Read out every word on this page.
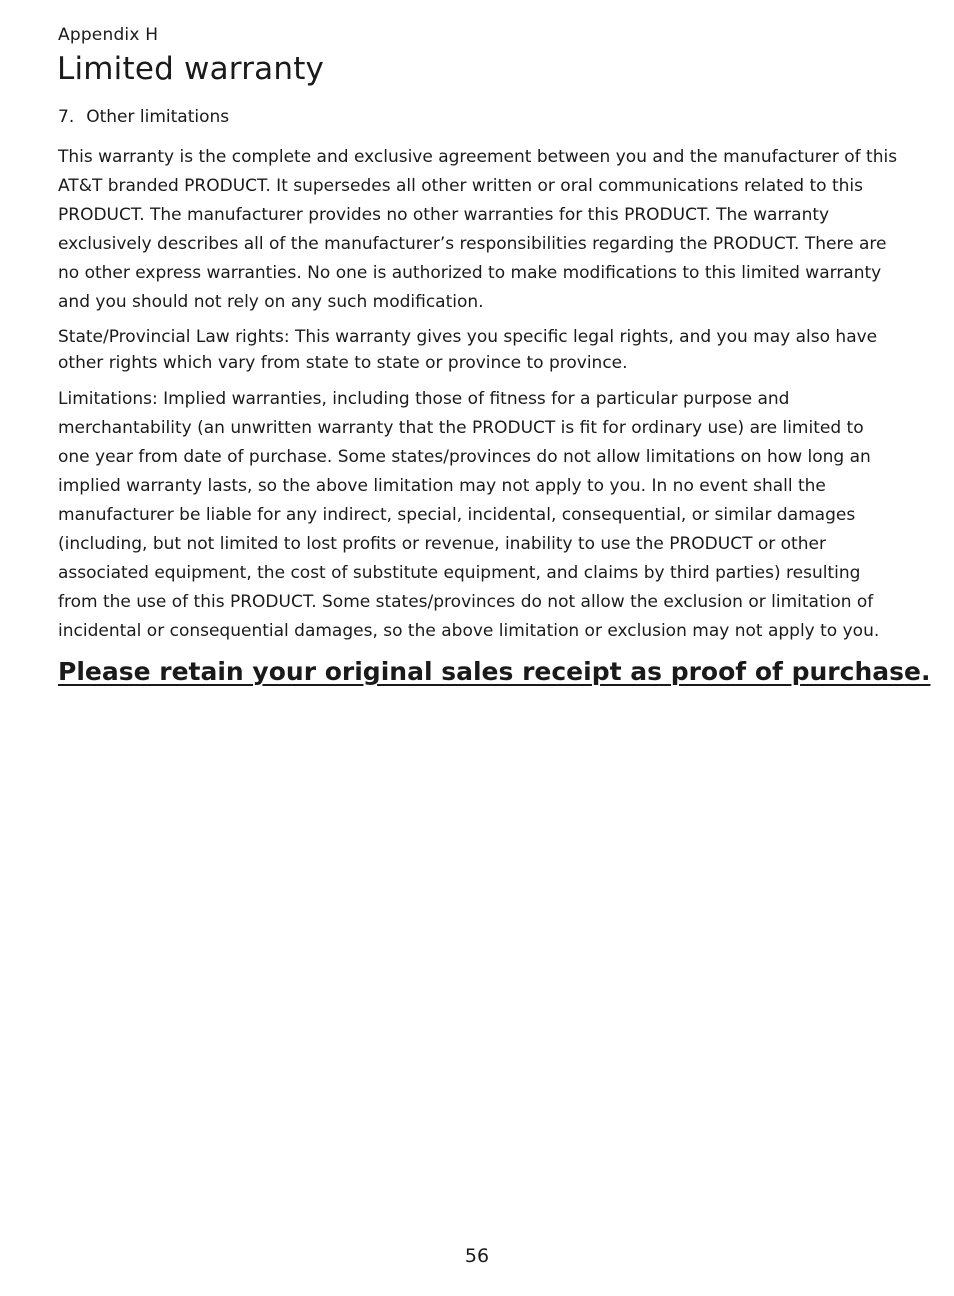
Appendix H
Limited warranty
7. Other limitations

This warranty is the complete and exclusive agreement between you and the manufacturer of this AT&T branded PRODUCT. It supersedes all other written or oral communications related to this PRODUCT. The manufacturer provides no other warranties for this PRODUCT. The warranty exclusively describes all of the manufacturer’s responsibilities regarding the PRODUCT. There are no other express warranties. No one is authorized to make modifications to this limited warranty and you should not rely on any such modification.

State/Provincial Law rights: This warranty gives you specific legal rights, and you may also have other rights which vary from state to state or province to province.

Limitations: Implied warranties, including those of fitness for a particular purpose and merchantability (an unwritten warranty that the PRODUCT is fit for ordinary use) are limited to one year from date of purchase. Some states/provinces do not allow limitations on how long an implied warranty lasts, so the above limitation may not apply to you. In no event shall the manufacturer be liable for any indirect, special, incidental, consequential, or similar damages (including, but not limited to lost profits or revenue, inability to use the PRODUCT or other associated equipment, the cost of substitute equipment, and claims by third parties) resulting from the use of this PRODUCT. Some states/provinces do not allow the exclusion or limitation of incidental or consequential damages, so the above limitation or exclusion may not apply to you.

Please retain your original sales receipt as proof of purchase.

56
